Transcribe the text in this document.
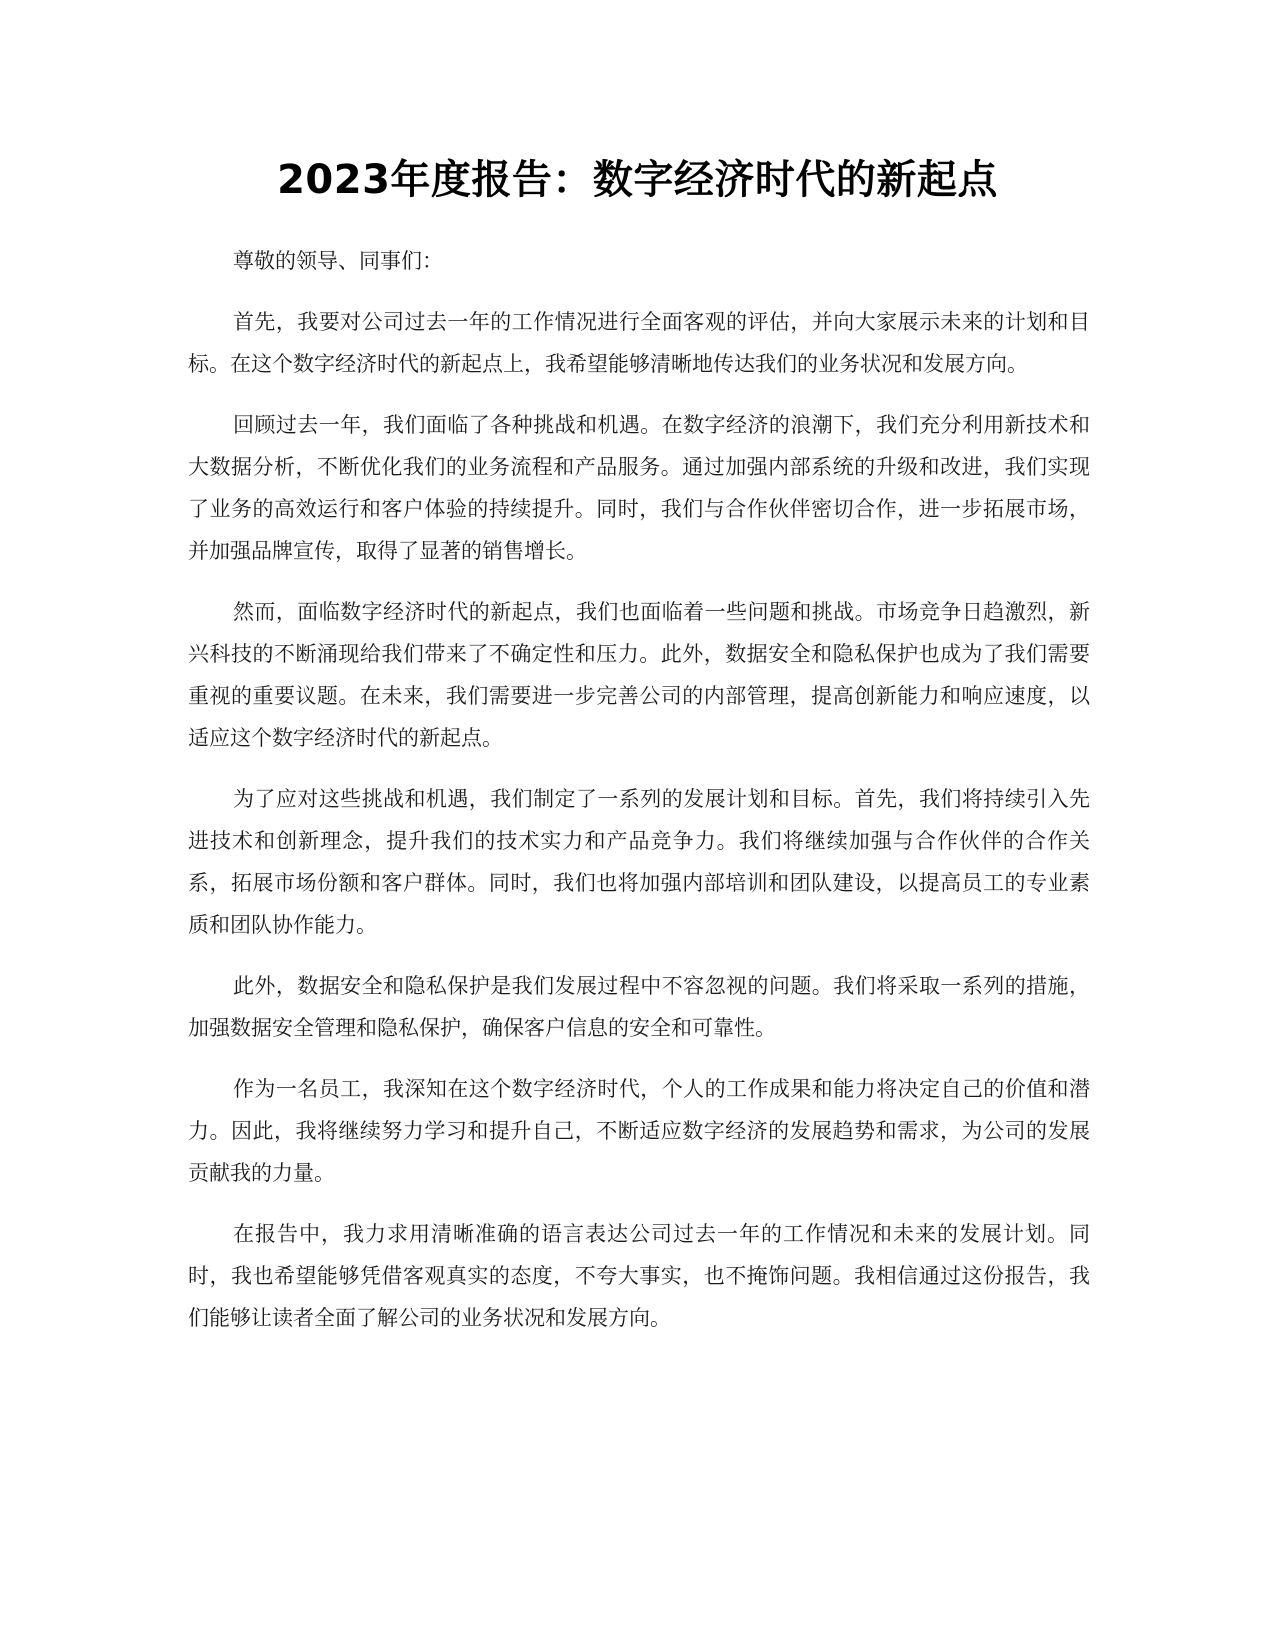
2023年度报告：数字经济时代的新起点

尊敬的领导、同事们：

首先，我要对公司过去一年的工作情况进行全面客观的评估，并向大家展示未来的计划和目标。在这个数字经济时代的新起点上，我希望能够清晰地传达我们的业务状况和发展方向。

回顾过去一年，我们面临了各种挑战和机遇。在数字经济的浪潮下，我们充分利用新技术和大数据分析，不断优化我们的业务流程和产品服务。通过加强内部系统的升级和改进，我们实现了业务的高效运行和客户体验的持续提升。同时，我们与合作伙伴密切合作，进一步拓展市场，并加强品牌宣传，取得了显著的销售增长。

然而，面临数字经济时代的新起点，我们也面临着一些问题和挑战。市场竞争日趋激烈，新兴科技的不断涌现给我们带来了不确定性和压力。此外，数据安全和隐私保护也成为了我们需要重视的重要议题。在未来，我们需要进一步完善公司的内部管理，提高创新能力和响应速度，以适应这个数字经济时代的新起点。

为了应对这些挑战和机遇，我们制定了一系列的发展计划和目标。首先，我们将持续引入先进技术和创新理念，提升我们的技术实力和产品竞争力。我们将继续加强与合作伙伴的合作关系，拓展市场份额和客户群体。同时，我们也将加强内部培训和团队建设，以提高员工的专业素质和团队协作能力。

此外，数据安全和隐私保护是我们发展过程中不容忽视的问题。我们将采取一系列的措施，加强数据安全管理和隐私保护，确保客户信息的安全和可靠性。

作为一名员工，我深知在这个数字经济时代，个人的工作成果和能力将决定自己的价值和潜力。因此，我将继续努力学习和提升自己，不断适应数字经济的发展趋势和需求，为公司的发展贡献我的力量。

在报告中，我力求用清晰准确的语言表达公司过去一年的工作情况和未来的发展计划。同时，我也希望能够凭借客观真实的态度，不夸大事实，也不掩饰问题。我相信通过这份报告，我们能够让读者全面了解公司的业务状况和发展方向。
